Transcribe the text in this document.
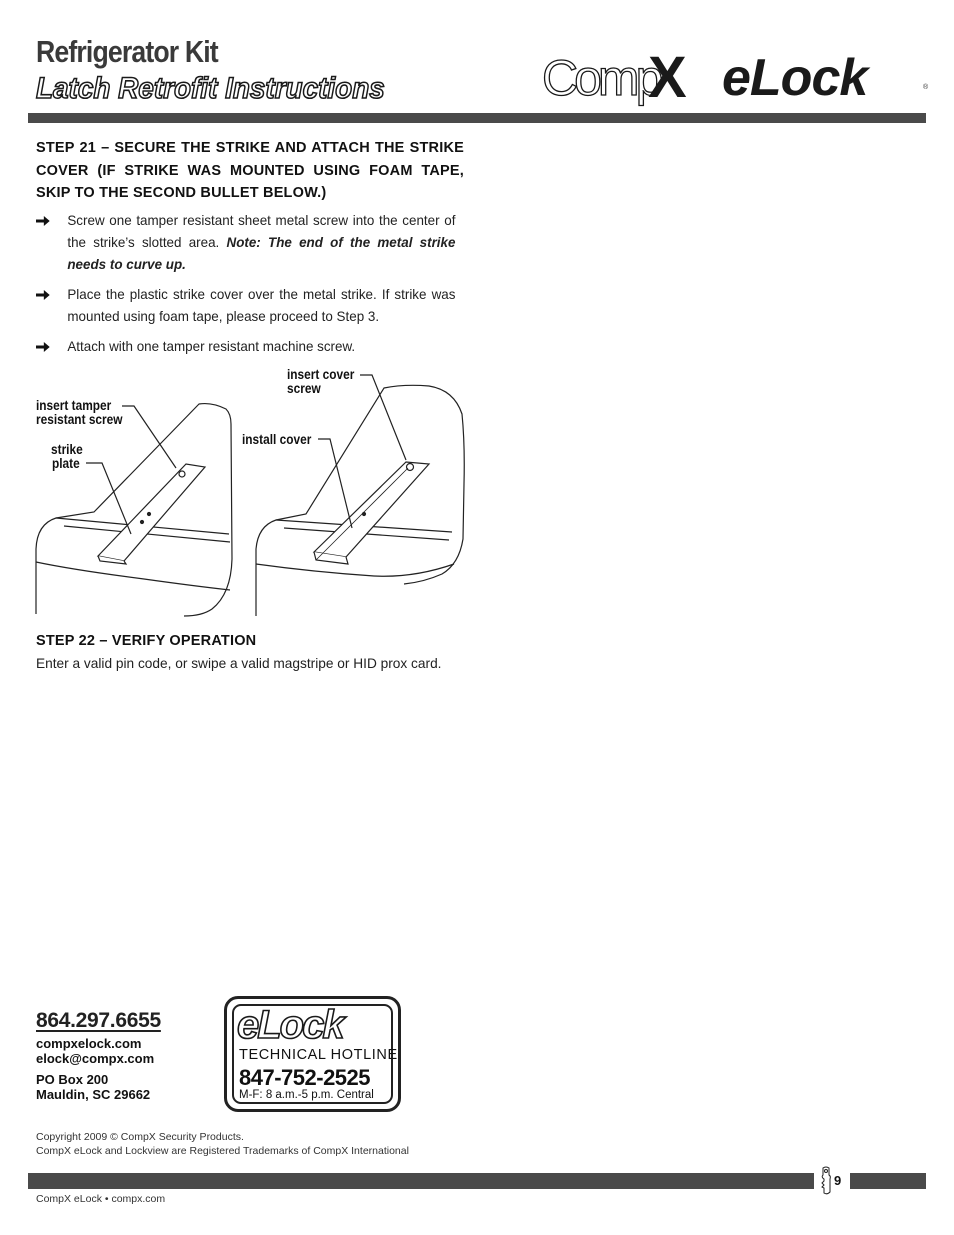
Refrigerator Kit
Latch Retrofit Instructions	Comp
X eLock	®
STEP 21 – SECURE THE STRIKE AND ATTACH THE STRIKE COVER (IF STRIKE WAS MOUNTED USING FOAM TAPE, SKIP TO THE SECOND BULLET BELOW.)
Screw one tamper resistant sheet metal screw into the center of the strike’s slotted area. Note: The end of the metal strike needs to curve up.
Place the plastic strike cover over the metal strike. If strike was mounted using foam tape, please proceed to Step 3.
Attach with one tamper resistant machine screw.
insert tamper
resistant screw
strike
plate
insert cover
screw
install cover
STEP 22 – VERIFY OPERATION
Enter a valid pin code, or swipe a valid magstripe or HID prox card.
864.297.6655
compxelock.com
elock@compx.com
PO Box 200
Mauldin, SC 29662
eLock
TECHNICAL HOTLINE
847-752-2525
M-F: 8 a.m.-5 p.m. Central
Copyright 2009 © CompX Security Products.
CompX eLock and Lockview are Registered Trademarks of CompX International
9
CompX eLock • compx.com
